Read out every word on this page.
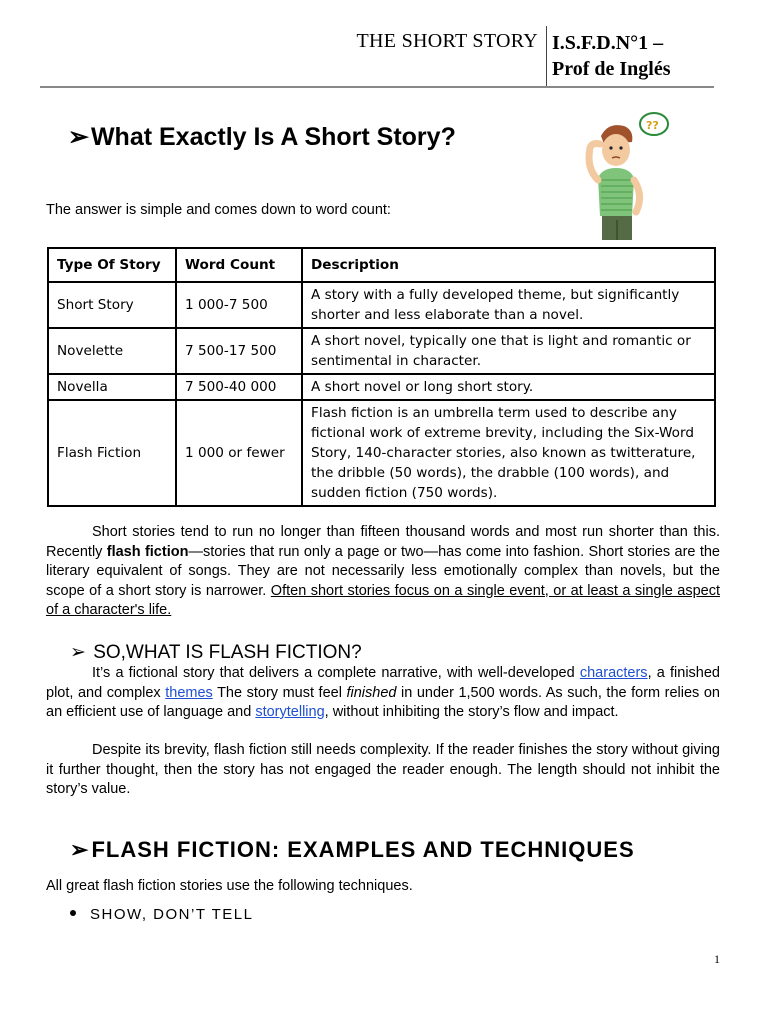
THE SHORT STORY I.S.F.D.N°1 –
Prof de Inglés
➢What Exactly Is A Short Story?	??
The answer is simple and comes down to word count:
Type Of Story	Word Count	Description
Short Story	1 000-7 500	A story with a fully developed theme, but significantly shorter and less elaborate than a novel.
Novelette	7 500-17 500	A short novel, typically one that is light and romantic or sentimental in character.
Novella	7 500-40 000	A short novel or long short story.
Flash Fiction	1 000 or fewer	Flash fiction is an umbrella term used to describe any fictional work of extreme brevity, including the Six-Word Story, 140-character stories, also known as twitterature, the dribble (50 words), the drabble (100 words), and sudden fiction (750 words).
Short stories tend to run no longer than fifteen thousand words and most run shorter than this. Recently flash fiction—stories that run only a page or two—has come into fashion. Short stories are the literary equivalent of songs. They are not necessarily less emotionally complex than novels, but the scope of a short story is narrower. Often short stories focus on a single event, or at least a single aspect of a character's life.
➢ SO,WHAT IS FLASH FICTION?
It’s a fictional story that delivers a complete narrative, with well-developed characters, a finished plot, and complex themes The story must feel finished in under 1,500 words. As such, the form relies on an efficient use of language and storytelling, without inhibiting the story’s flow and impact.
Despite its brevity, flash fiction still needs complexity. If the reader finishes the story without giving it further thought, then the story has not engaged the reader enough. The length should not inhibit the story’s value.
➢FLASH FICTION: EXAMPLES AND TECHNIQUES
All great flash fiction stories use the following techniques.
SHOW, DON’T TELL
1
